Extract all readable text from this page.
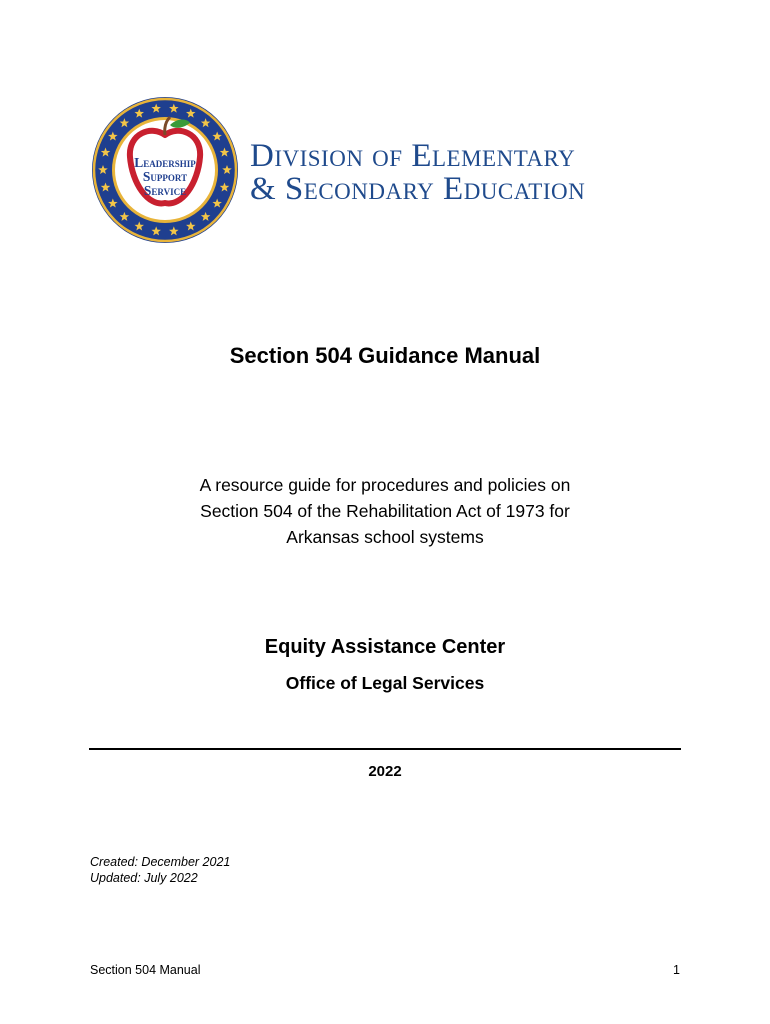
Leadership
Support
Service
Division of Elementary
& Secondary Education
Section 504 Guidance Manual
A resource guide for procedures and policies on
Section 504 of the Rehabilitation Act of 1973 for
Arkansas school systems
Equity Assistance Center
Office of Legal Services
2022
Created: December 2021
Updated: July 2022
Section 504 Manual	1
